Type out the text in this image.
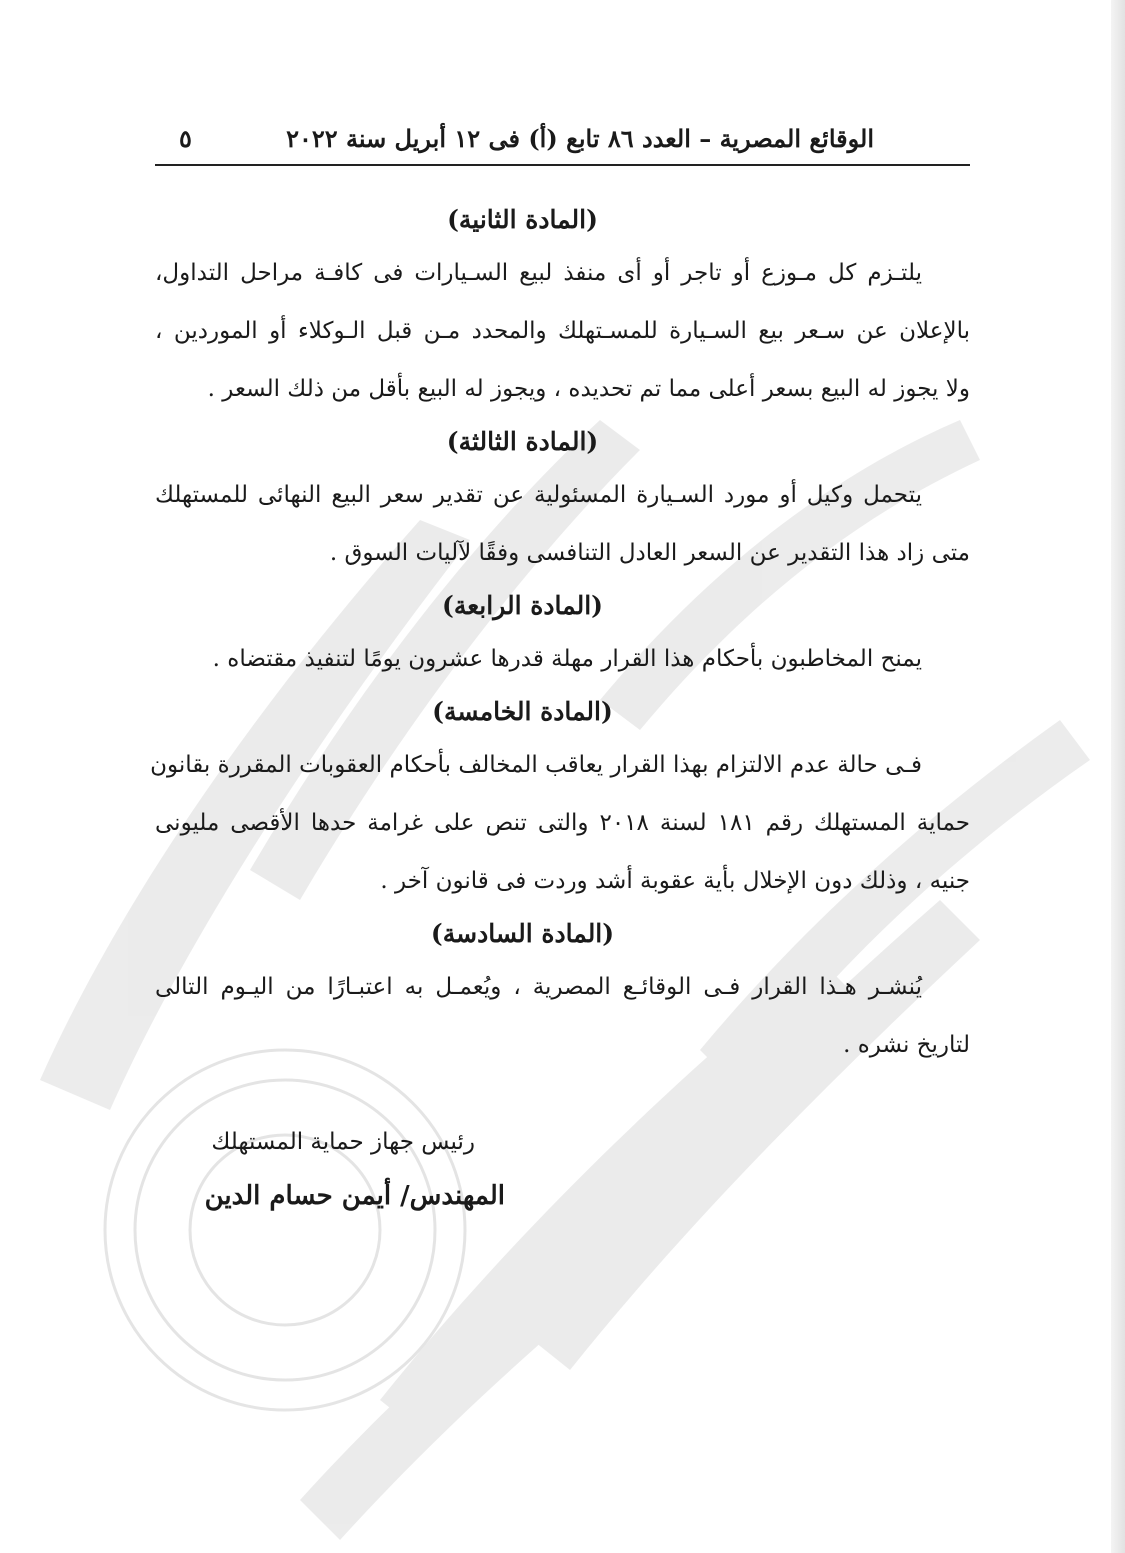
الوقائع المصرية – العدد ٨٦ تابع (أ) فى ١٢ أبريل سنة ٢٠٢٢
٥
(المادة الثانية)
يلتـزم كل مـوزع أو تاجر أو أى منفذ لبيع السـيارات فى كافـة مراحل التداول،
بالإعلان عن سـعر بيع السـيارة للمسـتهلك والمحدد مـن قبل الـوكلاء أو الموردين ،
ولا يجوز له البيع بسعر أعلى مما تم تحديده ، ويجوز له البيع بأقل من ذلك السعر .
(المادة الثالثة)
يتحمل وكيل أو مورد السـيارة المسئولية عن تقدير سعر البيع النهائى للمستهلك
متى زاد هذا التقدير عن السعر العادل التنافسى وفقًا لآليات السوق .
(المادة الرابعة)
يمنح المخاطبون بأحكام هذا القرار مهلة قدرها عشرون يومًا لتنفيذ مقتضاه .
(المادة الخامسة)
فـى حالة عدم الالتزام بهذا القرار يعاقب المخالف بأحكام العقوبات المقررة بقانون
حماية المستهلك رقم ١٨١ لسنة ٢٠١٨ والتى تنص على غرامة حدها الأقصى مليونى
جنيه ، وذلك دون الإخلال بأية عقوبة أشد وردت فى قانون آخر .
(المادة السادسة)
يُنشـر هـذا القرار فـى الوقائـع المصرية ، ويُعمـل به اعتبـارًا من اليـوم التالى
لتاريخ نشره .
رئيس جهاز حماية المستهلك
المهندس/ أيمن حسام الدين
